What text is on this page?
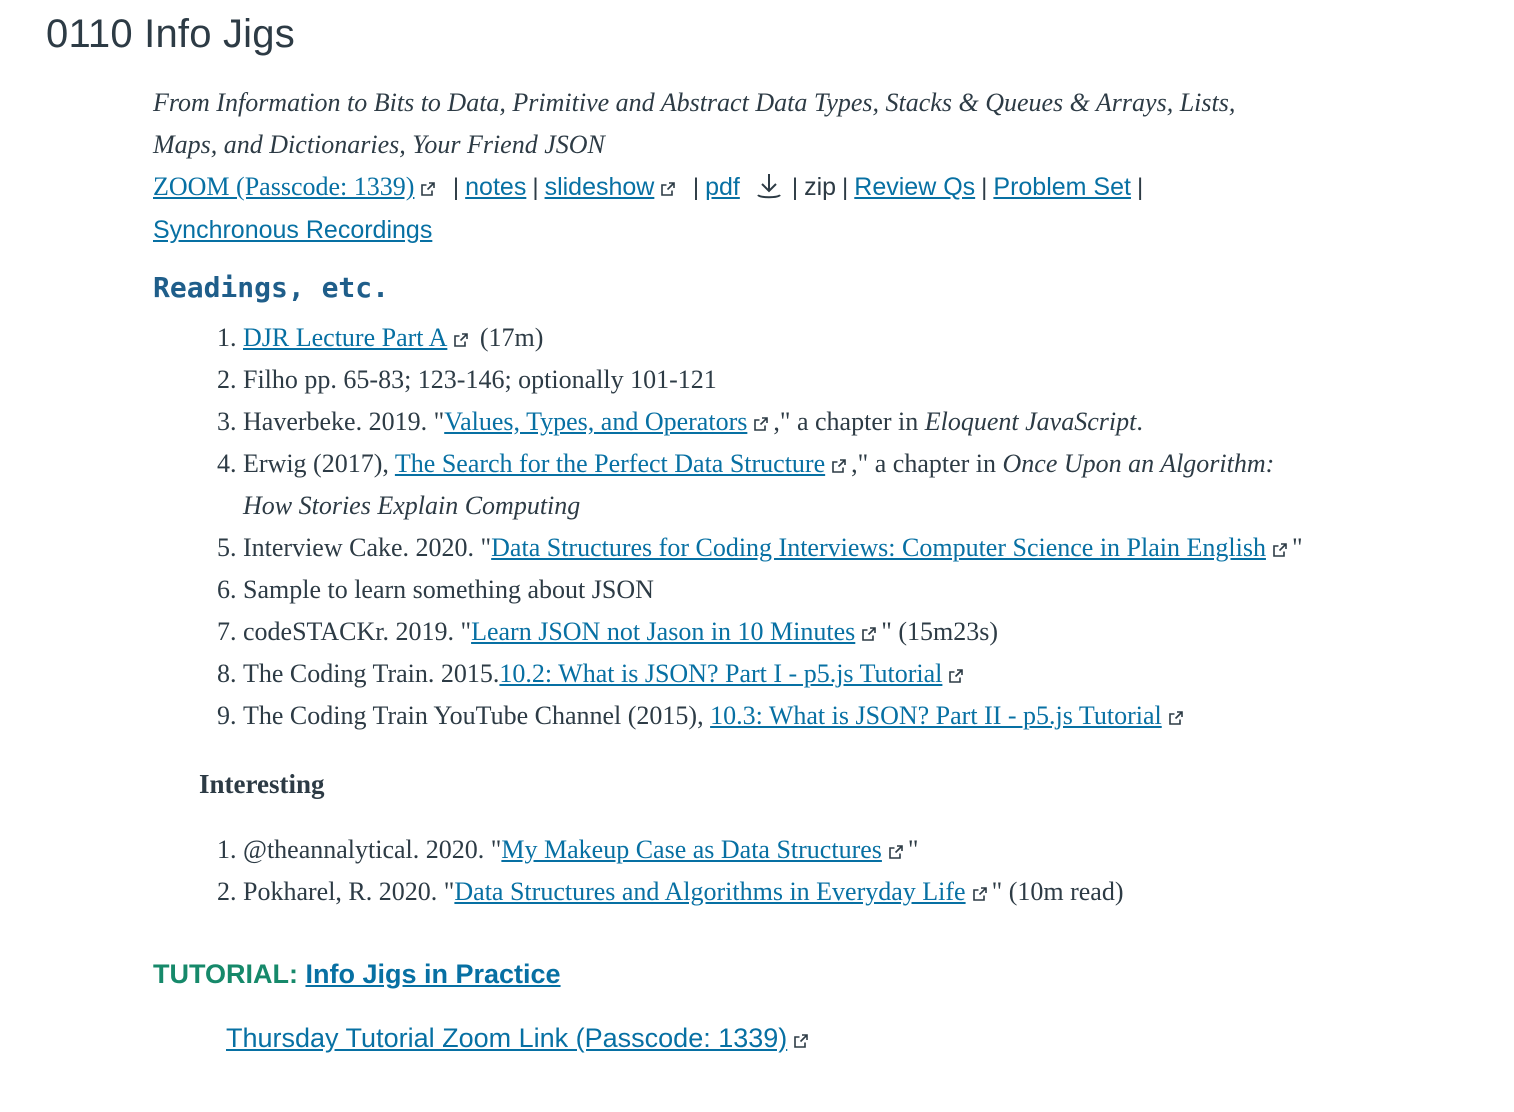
0110 Info Jigs
From Information to Bits to Data, Primitive and Abstract Data Types, Stacks & Queues & Arrays, Lists, Maps, and Dictionaries, Your Friend JSON
ZOOM (Passcode: 1339) | notes | slideshow | pdf | zip | Review Qs | Problem Set |
Synchronous Recordings
Readings, etc.
1. DJR Lecture Part A
(17m)
2. Filho pp. 65-83; 123-146; optionally 101-121
3. Haverbeke. 2019. "Values, Types, and Operators ," a chapter in Eloquent JavaScript.
4. Erwig (2017), The Search for the Perfect Data Structure ," a chapter in Once Upon an Algorithm: How Stories Explain Computing
5. Interview Cake. 2020. "Data Structures for Coding Interviews: Computer Science in Plain English "
6. Sample to learn something about JSON
7. codeSTACKr. 2019. "Learn JSON not Jason in 10 Minutes " (15m23s)
8. The Coding Train. 2015.10.2: What is JSON? Part I - p5.js Tutorial
9. The Coding Train YouTube Channel (2015), 10.3: What is JSON? Part II - p5.js Tutorial
Interesting
1. @theannalytical. 2020. "My Makeup Case as Data Structures "
2. Pokharel, R. 2020. "Data Structures and Algorithms in Everyday Life " (10m read)
TUTORIAL: Info Jigs in Practice
Thursday Tutorial Zoom Link (Passcode: 1339)
